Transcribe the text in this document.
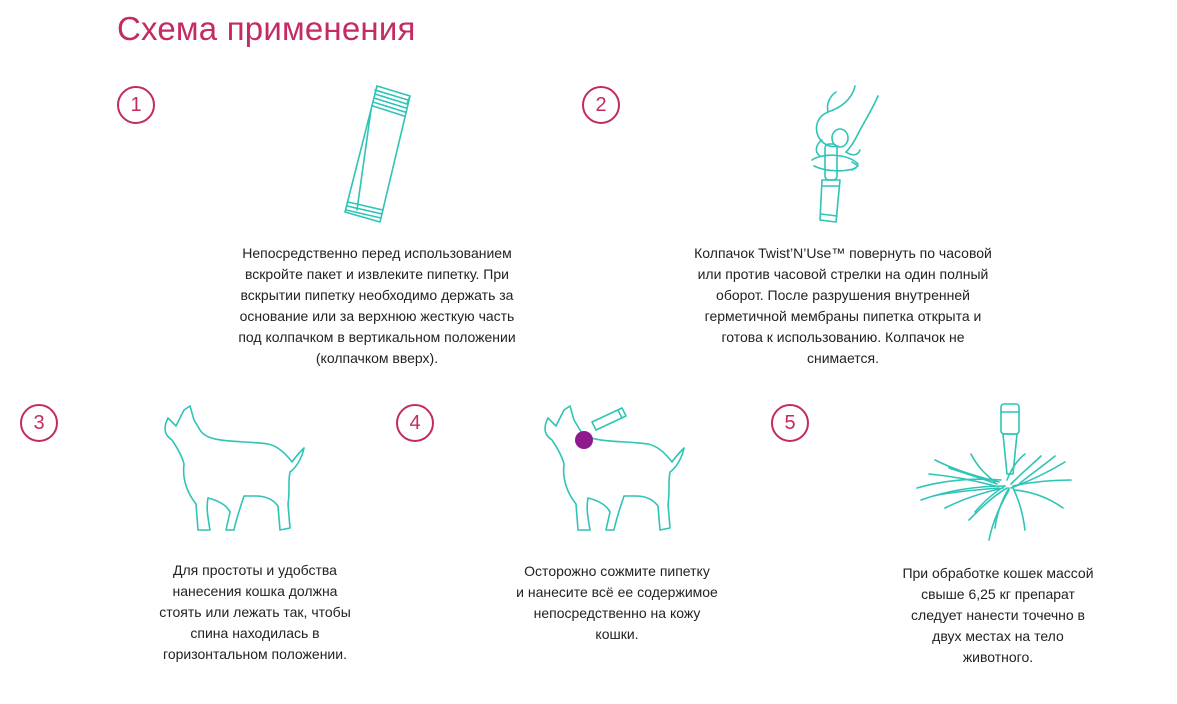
Схема применения
1

Непосредственно перед использованием
вскройте пакет и извлеките пипетку. При
вскрытии пипетку необходимо держать за
основание или за верхнюю жесткую часть
под колпачком в вертикальном положении
(колпачком вверх).

2

Колпачок Twist’N’Use™ повернуть по часовой
или против часовой стрелки на один полный
оборот. После разрушения внутренней
герметичной мембраны пипетка открыта и
готова к использованию. Колпачок не
снимается.

3

Для простоты и удобства
нанесения кошка должна
стоять или лежать так, чтобы
спина находилась в
горизонтальном положении.

4

Осторожно сожмите пипетку
и нанесите всё ее содержимое
непосредственно на кожу
кошки.

5

При обработке кошек массой
свыше 6,25 кг препарат
следует нанести точечно в
двух местах на тело
животного.
